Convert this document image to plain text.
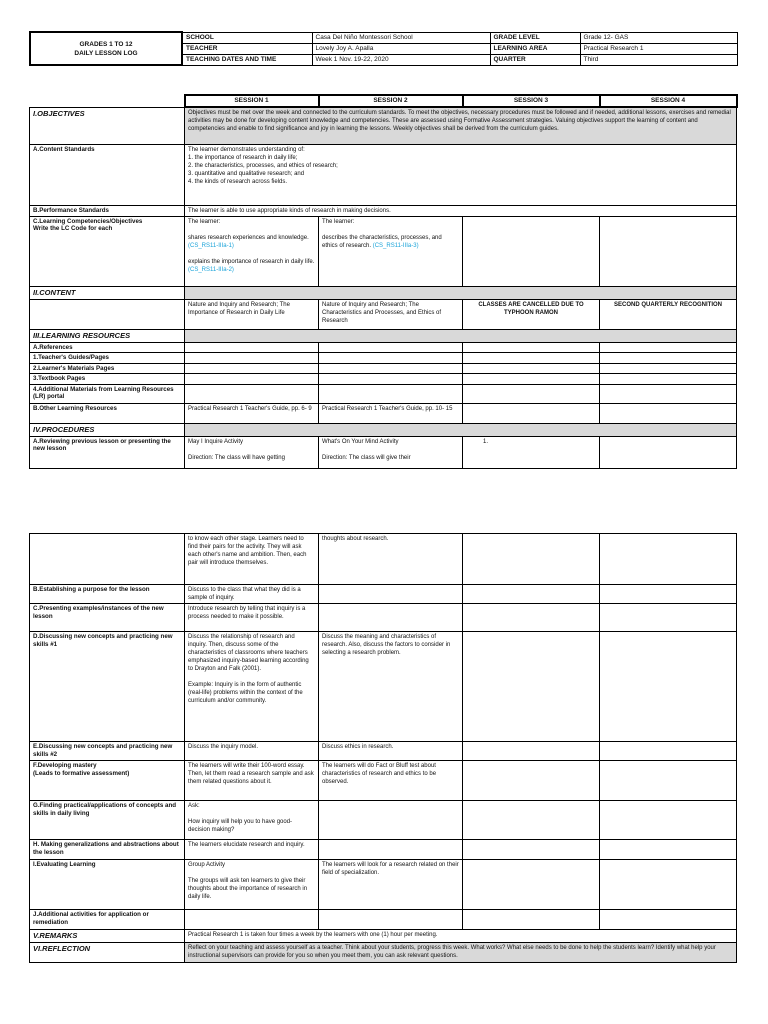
GRADES 1 TO 12
DAILY LESSON LOG	SCHOOL	Casa Del Niño Montessori School	GRADE LEVEL	Grade 12- GAS
	TEACHER	Lovely Joy A. Apalla	LEARNING AREA	Practical Research 1
	TEACHING DATES AND TIME	Week 1 Nov. 19-22, 2020	QUARTER	Third
	SESSION 1	SESSION 2	SESSION 3	SESSION 4
I.OBJECTIVES	Objectives must be met over the week and connected to the curriculum standards. To meet the objectives, necessary procedures must be followed and if needed, additional lessons, exercises and remedial activities may be done for developing content knowledge and competencies. These are assessed using Formative Assessment strategies. Valuing objectives support the learning of content and competencies and enable to find significance and joy in learning the lessons. Weekly objectives shall be derived from the curriculum guides.			
A.Content Standards	The learner demonstrates understanding of:
1. the importance of research in daily life;
2. the characteristics, processes, and ethics of research;
3. quantitative and qualitative research; and
4. the kinds of research across fields.			

B.Performance Standards	The learner is able to use appropriate kinds of research in making decisions.			

C.Learning Competencies/Objectives
Write the LC Code for each	The learner:

shares research experiences and knowledge. (CS_RS11-IIIa-1)

explains the importance of research in daily life. (CS_RS11-IIIa-2)	The learner:

describes the characteristics, processes, and ethics of research. (CS_RS11-IIIa-3)		
II.CONTENT				
	Nature and Inquiry and Research; The Importance of Research in Daily Life	Nature of Inquiry and Research; The Characteristics and Processes, and Ethics of Research	CLASSES ARE CANCELLED DUE TO TYPHOON RAMON	SECOND QUARTERLY RECOGNITION
III.LEARNING RESOURCES				
A.References				
1.Teacher's Guides/Pages				
2.Learner's Materials Pages				
3.Textbook Pages				
4.Additional Materials from Learning Resources (LR) portal				
B.Other Learning Resources	Practical Research 1 Teacher's Guide, pp. 6- 9	Practical Research 1 Teacher's Guide, pp. 10- 15		
IV.PROCEDURES				
A.Reviewing previous lesson or presenting the new lesson	May I Inquire Activity

Direction: The class will have getting	What's On Your Mind Activity

Direction: The class will give their	1.	
	to know each other stage. Learners need to find their pairs for the activity. They will ask each other's name and ambition. Then, each pair will introduce themselves.	thoughts about research.		
B.Establishing a purpose for the lesson	Discuss to the class that what they did is a sample of inquiry.			
C.Presenting examples/instances of the new lesson	Introduce research by telling that inquiry is a process needed to make it possible.			
D.Discussing new concepts and practicing new skills #1	Discuss the relationship of research and inquiry. Then, discuss some of the characteristics of classrooms where teachers emphasized inquiry-based learning according to Drayton and Falk (2001).

Example: Inquiry is in the form of authentic (real-life) problems within the context of the curriculum and/or community.	Discuss the meaning and characteristics of research. Also, discuss the factors to consider in selecting a research problem.		
E.Discussing new concepts and practicing new skills #2	Discuss the inquiry model.	Discuss ethics in research.		
F.Developing mastery
(Leads to formative assessment)	The learners will write their 100-word essay. Then, let them read a research sample and ask them related questions about it.	The learners will do Fact or Bluff test about characteristics of research and ethics to be observed.		
G.Finding practical/applications of concepts and skills in daily living	Ask:

How inquiry will help you to have good- decision making?			
H. Making generalizations and abstractions about the lesson	The learners elucidate research and inquiry.			
I.Evaluating Learning	Group Activity

The groups will ask ten learners to give their thoughts about the importance of research in daily life.	The learners will look for a research related on their field of specialization.		
J.Additional activities for application or remediation				
V.REMARKS	Practical Research 1 is taken four times a week by the learners with one (1) hour per meeting.			
VI.REFLECTION	Reflect on your teaching and assess yourself as a teacher. Think about your students, progress this week. What works? What else needs to be done to help the students learn? Identify what help your instructional supervisors can provide for you so when you meet them, you can ask relevant questions.			
